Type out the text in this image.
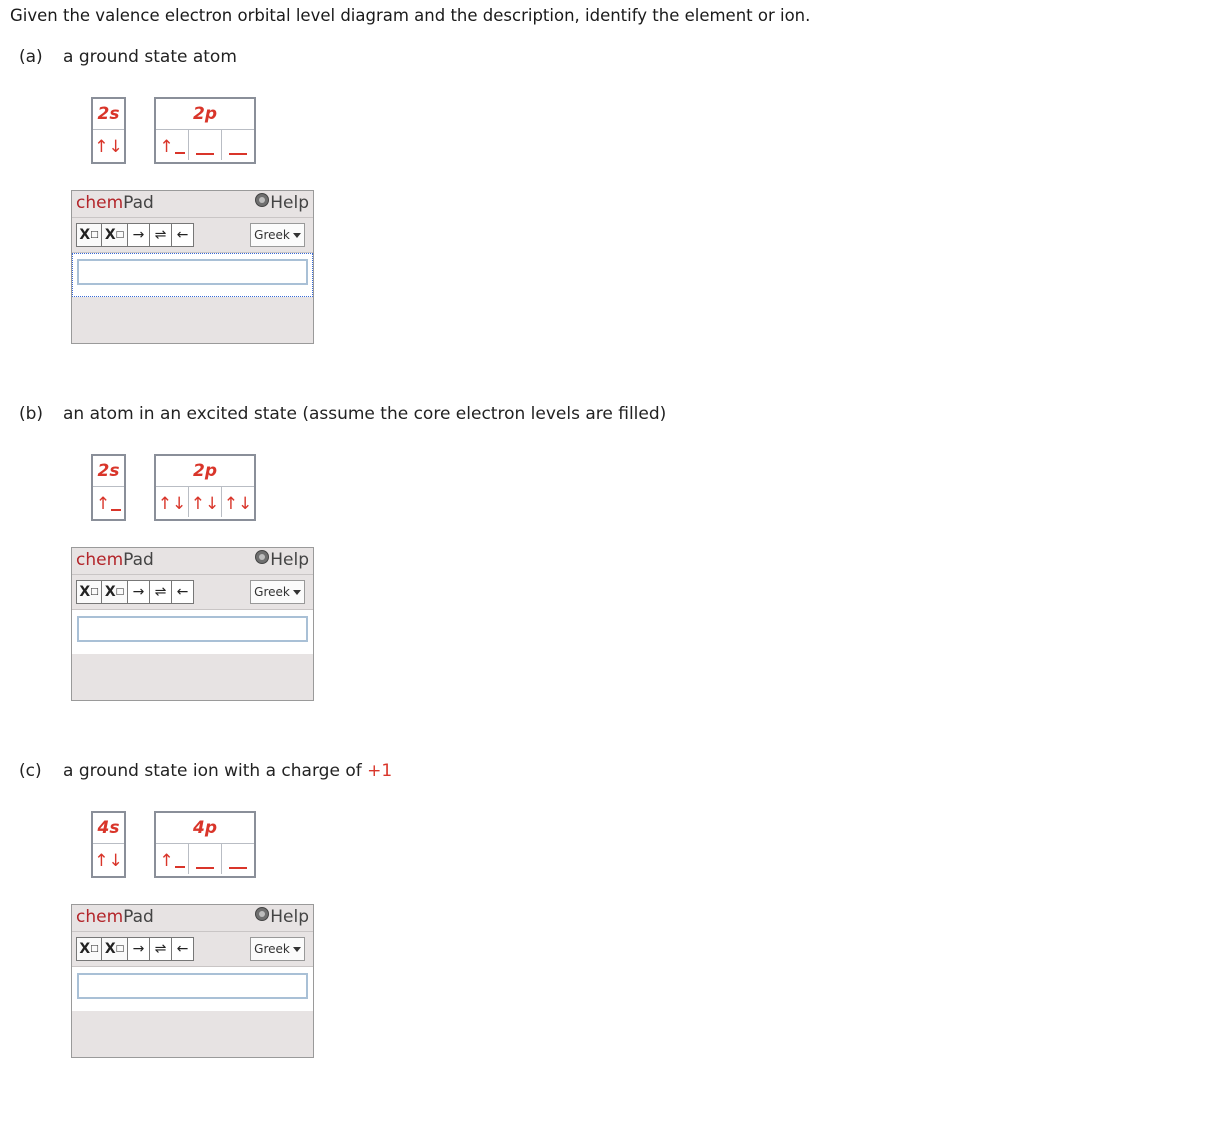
Given the valence electron orbital level diagram and the description, identify the element or ion.
(a) a ground state atom
2s
↑↓
2p
↑
chemPad	Help
X □ X □ → ⇌ ←	Greek
(b) an atom in an excited state (assume the core electron levels are filled)
2s
↑
2p
↑↓ ↑↓ ↑↓
chemPad	Help
X □ X □ → ⇌ ←	Greek
(c) a ground state ion with a charge of +1
4s
↑↓
4p
↑
chemPad	Help
X □ X □ → ⇌ ←	Greek
